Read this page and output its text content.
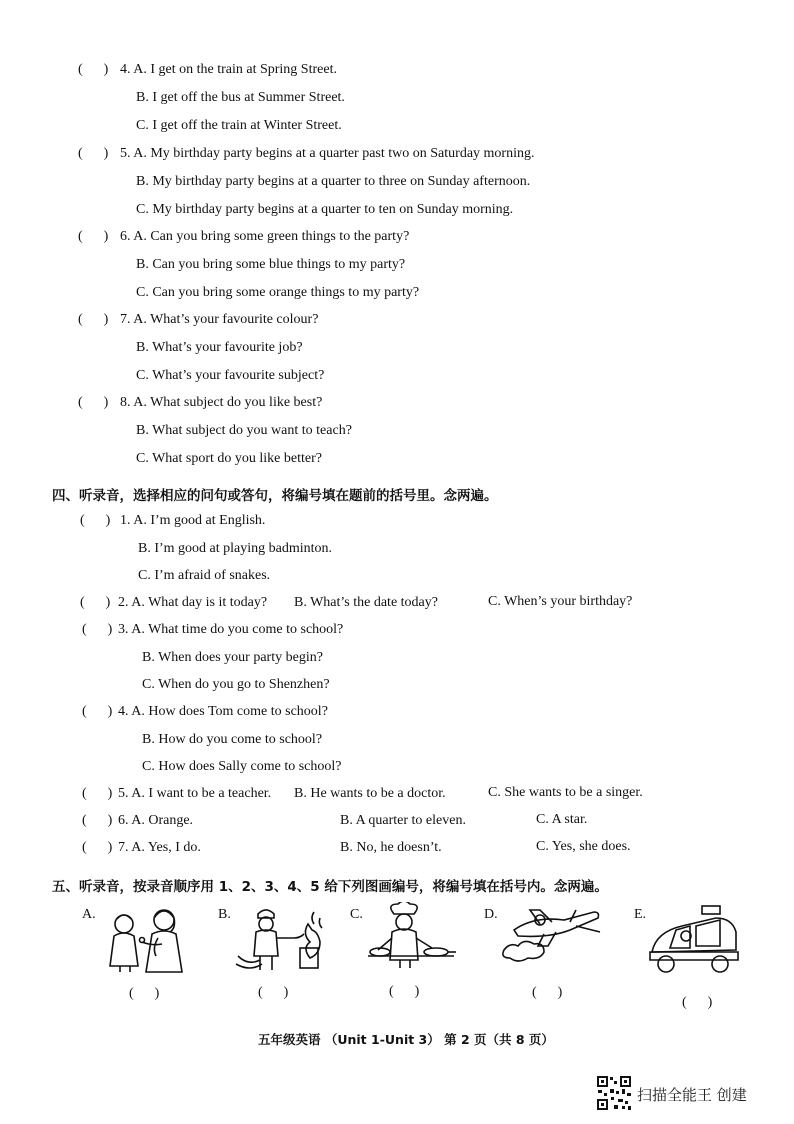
(      ) 4. A. I get on the train at Spring Street.
B. I get off the bus at Summer Street.
C. I get off the train at Winter Street.
(      ) 5. A. My birthday party begins at a quarter past two on Saturday morning.
B. My birthday party begins at a quarter to three on Sunday afternoon.
C. My birthday party begins at a quarter to ten on Sunday morning.
(      ) 6. A. Can you bring some green things to the party?
B. Can you bring some blue things to my party?
C. Can you bring some orange things to my party?
(      ) 7. A. What’s your favourite colour?
B. What’s your favourite job?
C. What’s your favourite subject?
(      ) 8. A. What subject do you like best?
B. What subject do you want to teach?
C. What sport do you like better?
四、听录音，选择相应的问句或答句，将编号填在题前的括号里。念两遍。
(      ) 1. A. I’m good at English.
B. I’m good at playing badminton.
C. I’m afraid of snakes.
(      ) 2. A. What day is it today? B. What’s the date today?	C. When’s your birthday?
(      ) 3. A. What time do you come to school?
B. When does your party begin?
C. When do you go to Shenzhen?
(      ) 4. A. How does Tom come to school?
B. How do you come to school?
C. How does Sally come to school?
(      ) 5. A. I want to be a teacher. B. He wants to be a doctor.	C. She wants to be a singer.
(      ) 6. A. Orange.	B. A quarter to eleven.	C. A star.
(      ) 7. A. Yes, I do.	B. No, he doesn’t.	C. Yes, she does.
五、听录音，按录音顺序用 1、2、3、4、5 给下列图画编号，将编号填在括号内。念两遍。
A.
(      )
B.
(      )
C.
(      )
D.
(      )
E.
(      )
五年级英语 （Unit 1-Unit 3） 第 2 页（共 8 页）
扫描全能王 创建
